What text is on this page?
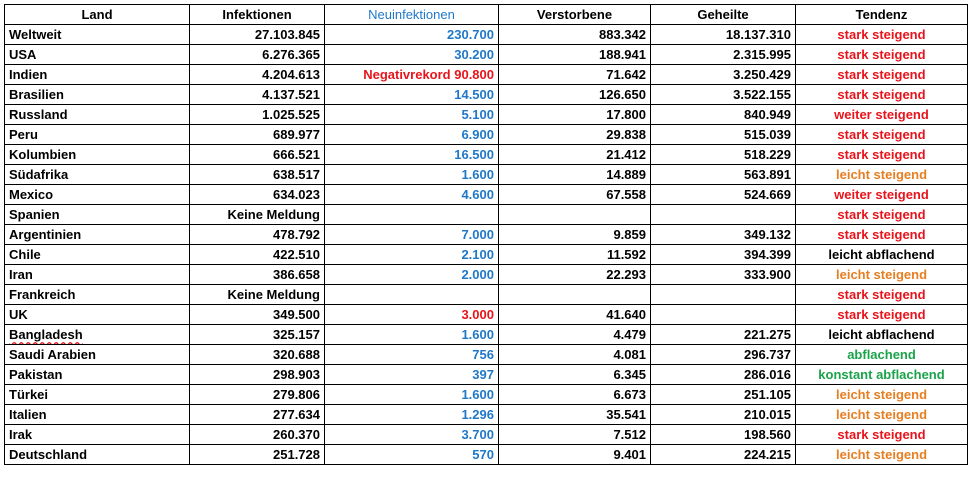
Land	Infektionen	Neuinfektionen	Verstorbene	Geheilte	Tendenz
Weltweit	27.103.845	230.700	883.342	18.137.310	stark steigend
USA	6.276.365	30.200	188.941	2.315.995	stark steigend
Indien	4.204.613	Negativrekord 90.800	71.642	3.250.429	stark steigend
Brasilien	4.137.521	14.500	126.650	3.522.155	stark steigend
Russland	1.025.525	5.100	17.800	840.949	weiter steigend
Peru	689.977	6.900	29.838	515.039	stark steigend
Kolumbien	666.521	16.500	21.412	518.229	stark steigend
Südafrika	638.517	1.600	14.889	563.891	leicht steigend
Mexico	634.023	4.600	67.558	524.669	weiter steigend
Spanien	Keine Meldung				stark steigend
Argentinien	478.792	7.000	9.859	349.132	stark steigend
Chile	422.510	2.100	11.592	394.399	leicht abflachend
Iran	386.658	2.000	22.293	333.900	leicht steigend
Frankreich	Keine Meldung				stark steigend
UK	349.500	3.000	41.640		stark steigend
Bangladesh	325.157	1.600	4.479	221.275	leicht abflachend
Saudi Arabien	320.688	756	4.081	296.737	abflachend
Pakistan	298.903	397	6.345	286.016	konstant abflachend
Türkei	279.806	1.600	6.673	251.105	leicht steigend
Italien	277.634	1.296	35.541	210.015	leicht steigend
Irak	260.370	3.700	7.512	198.560	stark steigend
Deutschland	251.728	570	9.401	224.215	leicht steigend
